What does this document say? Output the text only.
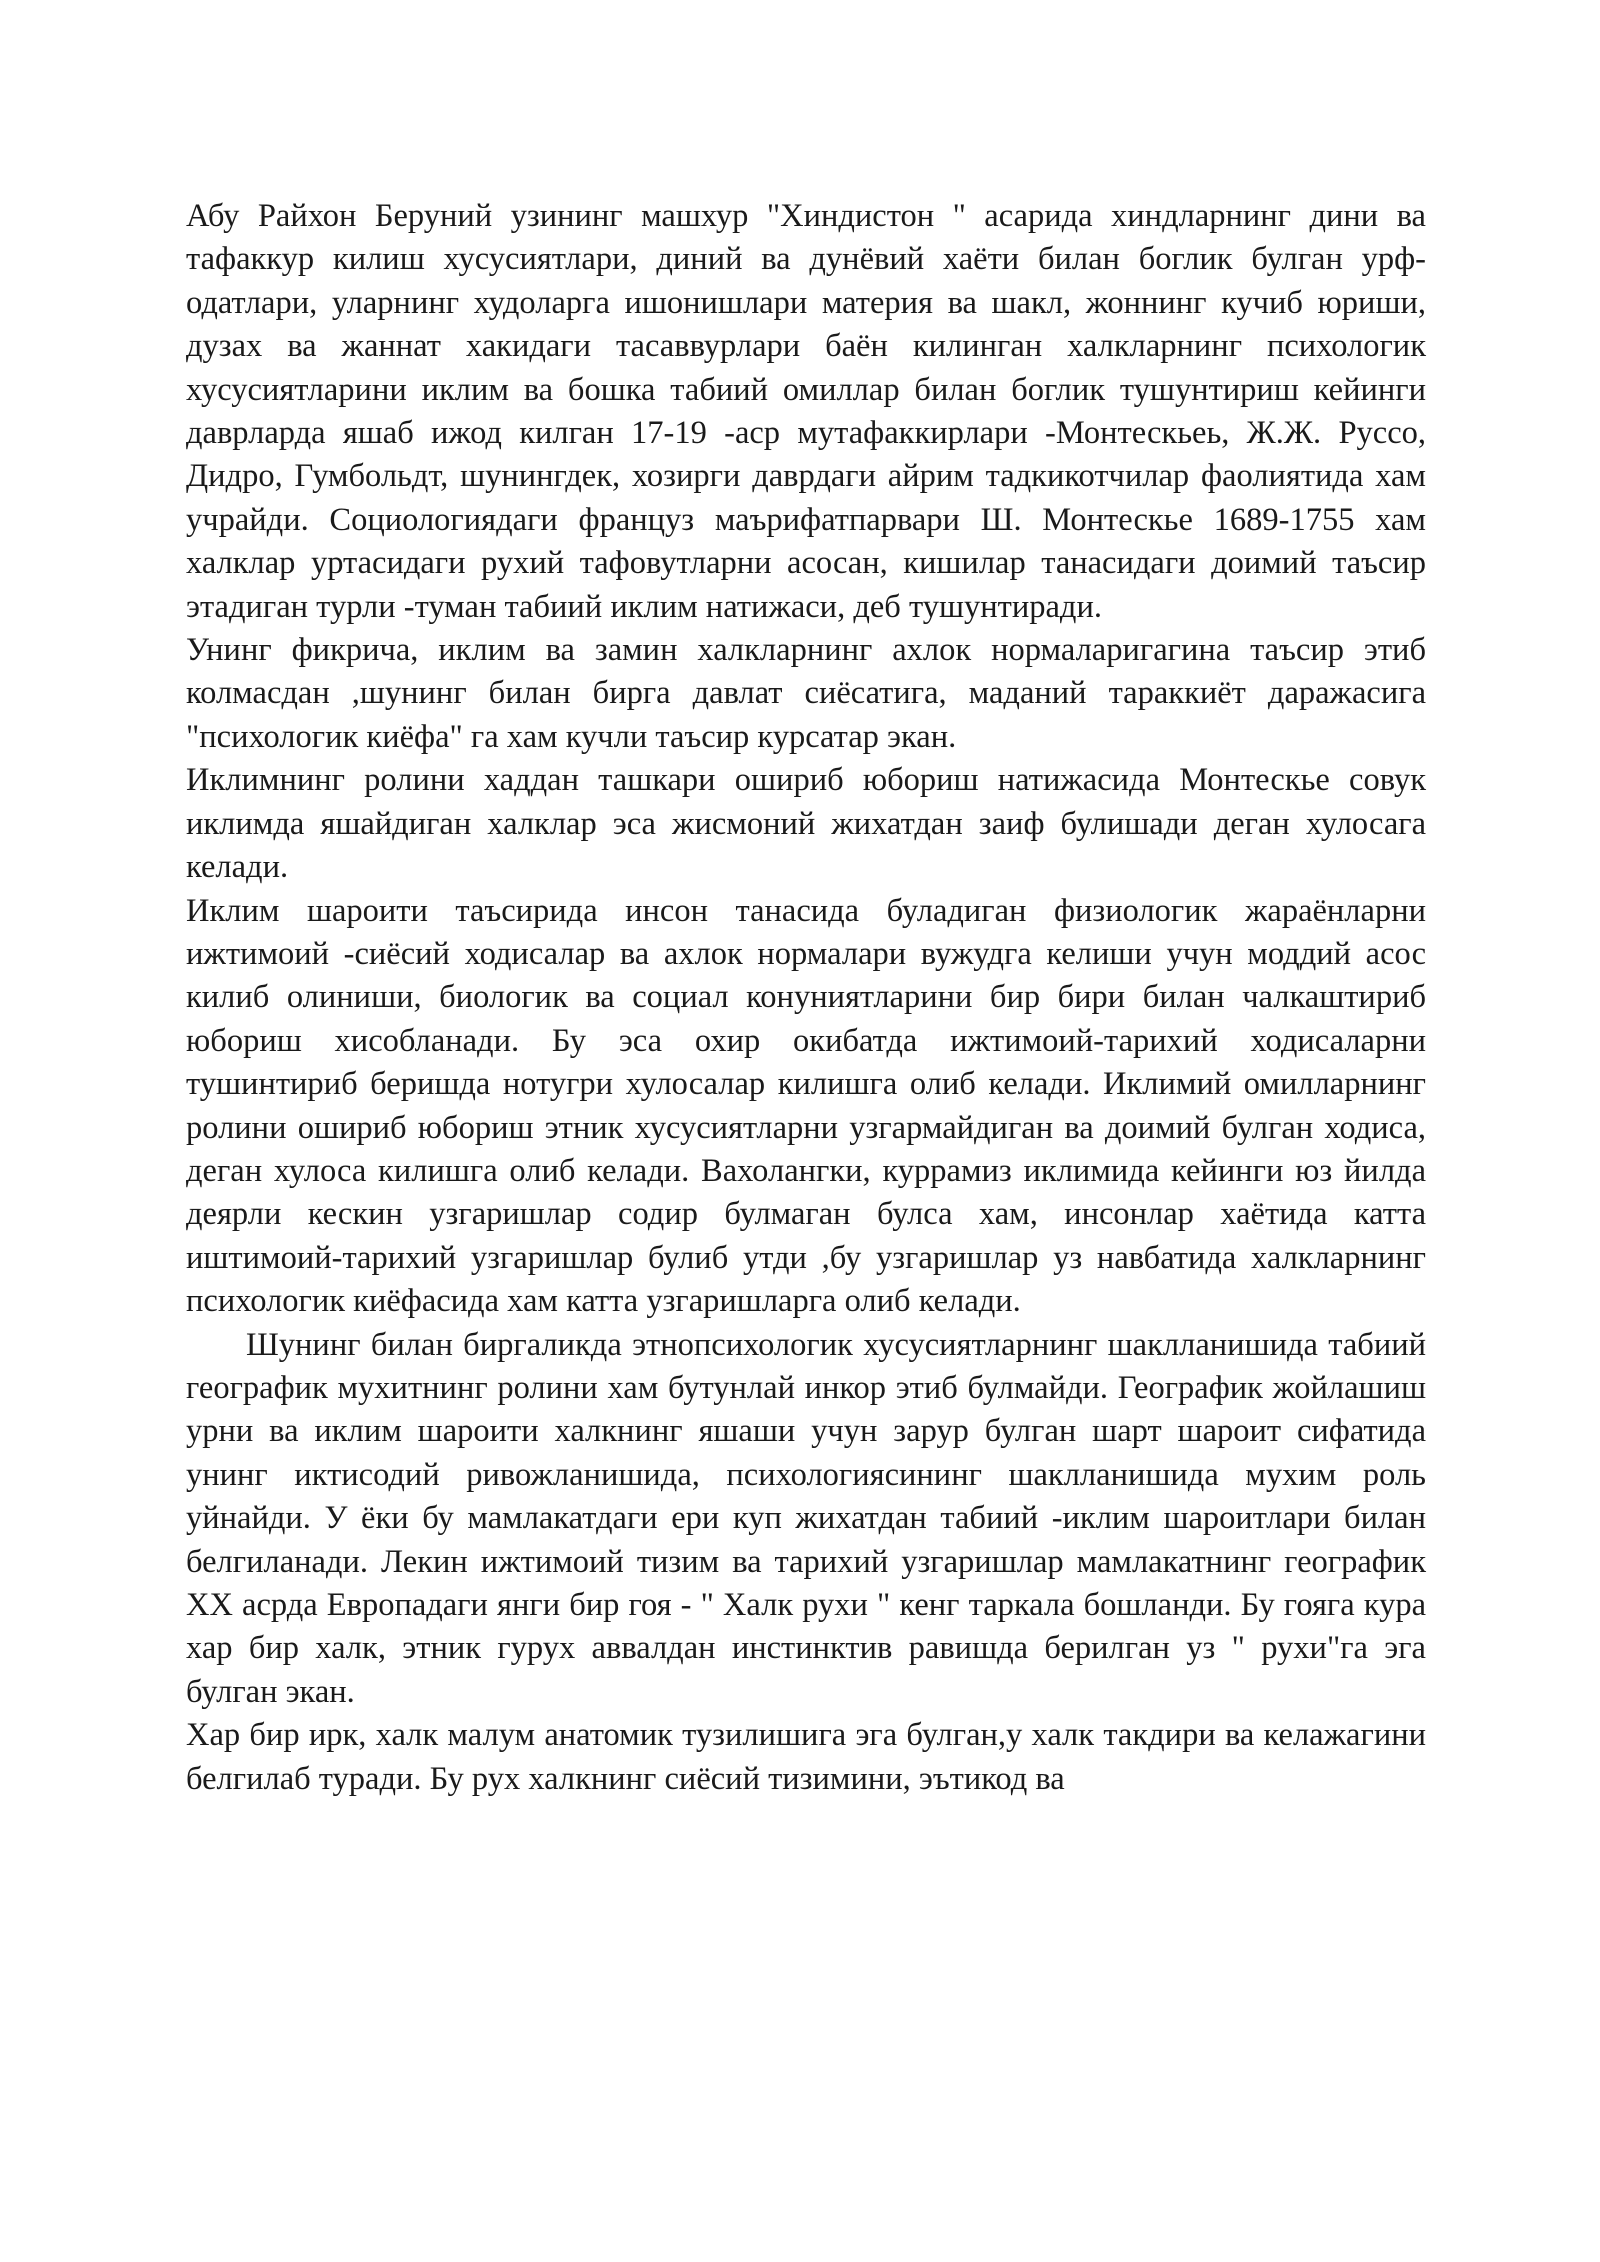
Абу Райхон Беруний узининг машхур "Хиндистон " асарида хиндларнинг дини ва тафаккур килиш хусусиятлари, диний ва дунёвий хаёти билан боглик булган урф-одатлари, уларнинг худоларга ишонишлари материя ва шакл, жоннинг кучиб юриши, дузах ва жаннат хакидаги тасаввурлари баён килинган халкларнинг психологик хусусиятларини иклим ва бошка табиий омиллар билан боглик тушунтириш кейинги даврларда яшаб ижод килган 17-19 -аср мутафаккирлари -Монтескьеь, Ж.Ж. Руссо, Дидро, Гумбольдт, шунингдек, хозирги даврдаги айрим тадкикотчилар фаолиятида хам учрайди. Социологиядаги француз маърифатпарвари Ш. Монтескье 1689-1755 хам халклар уртасидаги рухий тафовутларни асосан, кишилар танасидаги доимий таъсир этадиган турли -туман табиий иклим натижаси, деб тушунтиради.

Унинг фикрича, иклим ва замин халкларнинг ахлок нормаларигагина таъсир этиб колмасдан ,шунинг билан бирга давлат сиёсатига, маданий тараккиёт даражасига "психологик киёфа" га хам кучли таъсир курсатар экан.

Иклимнинг ролини хаддан ташкари ошириб юбориш натижасида Монтескье совук иклимда яшайдиган халклар эса жисмоний жихатдан заиф булишади деган хулосага келади.

Иклим шароити таъсирида инсон танасида буладиган физиологик жараёнларни ижтимоий -сиёсий ходисалар ва ахлок нормалари вужудга келиши учун моддий асос килиб олиниши, биологик ва социал конуниятларини бир бири билан чалкаштириб юбориш хисобланади. Бу эса охир окибатда ижтимоий-тарихий ходисаларни тушинтириб беришда нотугри хулосалар килишга олиб келади. Иклимий омилларнинг ролини ошириб юбориш этник хусусиятларни узгармайдиган ва доимий булган ходиса, деган хулоса килишга олиб келади. Вахолангки, куррамиз иклимида кейинги юз йилда деярли кескин узгаришлар содир булмаган булса хам, инсонлар хаётида катта иштимоий-тарихий узгаришлар булиб утди ,бу узгаришлар уз навбатида халкларнинг психологик киёфасида хам катта узгаришларга олиб келади.

Шунинг билан биргаликда этнопсихологик хусусиятларнинг шаклланишида табиий географик мухитнинг ролини хам бутунлай инкор этиб булмайди. Географик жойлашиш урни ва иклим шароити халкнинг яшаши учун зарур булган шарт шароит сифатида унинг иктисодий ривожланишида, психологиясининг шаклланишида мухим роль уйнайди. У ёки бу мамлакатдаги ери куп жихатдан табиий -иклим шароитлари билан белгиланади. Лекин ижтимоий тизим ва тарихий узгаришлар мамлакатнинг географик XX асрда Европадаги янги бир гоя - " Халк рухи " кенг таркала бошланди. Бу гояга кура хар бир халк, этник гурух аввалдан инстинктив равишда берилган уз " рухи"га эга булган экан.

Хар бир ирк, халк малум анатомик тузилишига эга булган,у халк такдири ва келажагини белгилаб туради. Бу рух халкнинг сиёсий тизимини, эътикод ва
